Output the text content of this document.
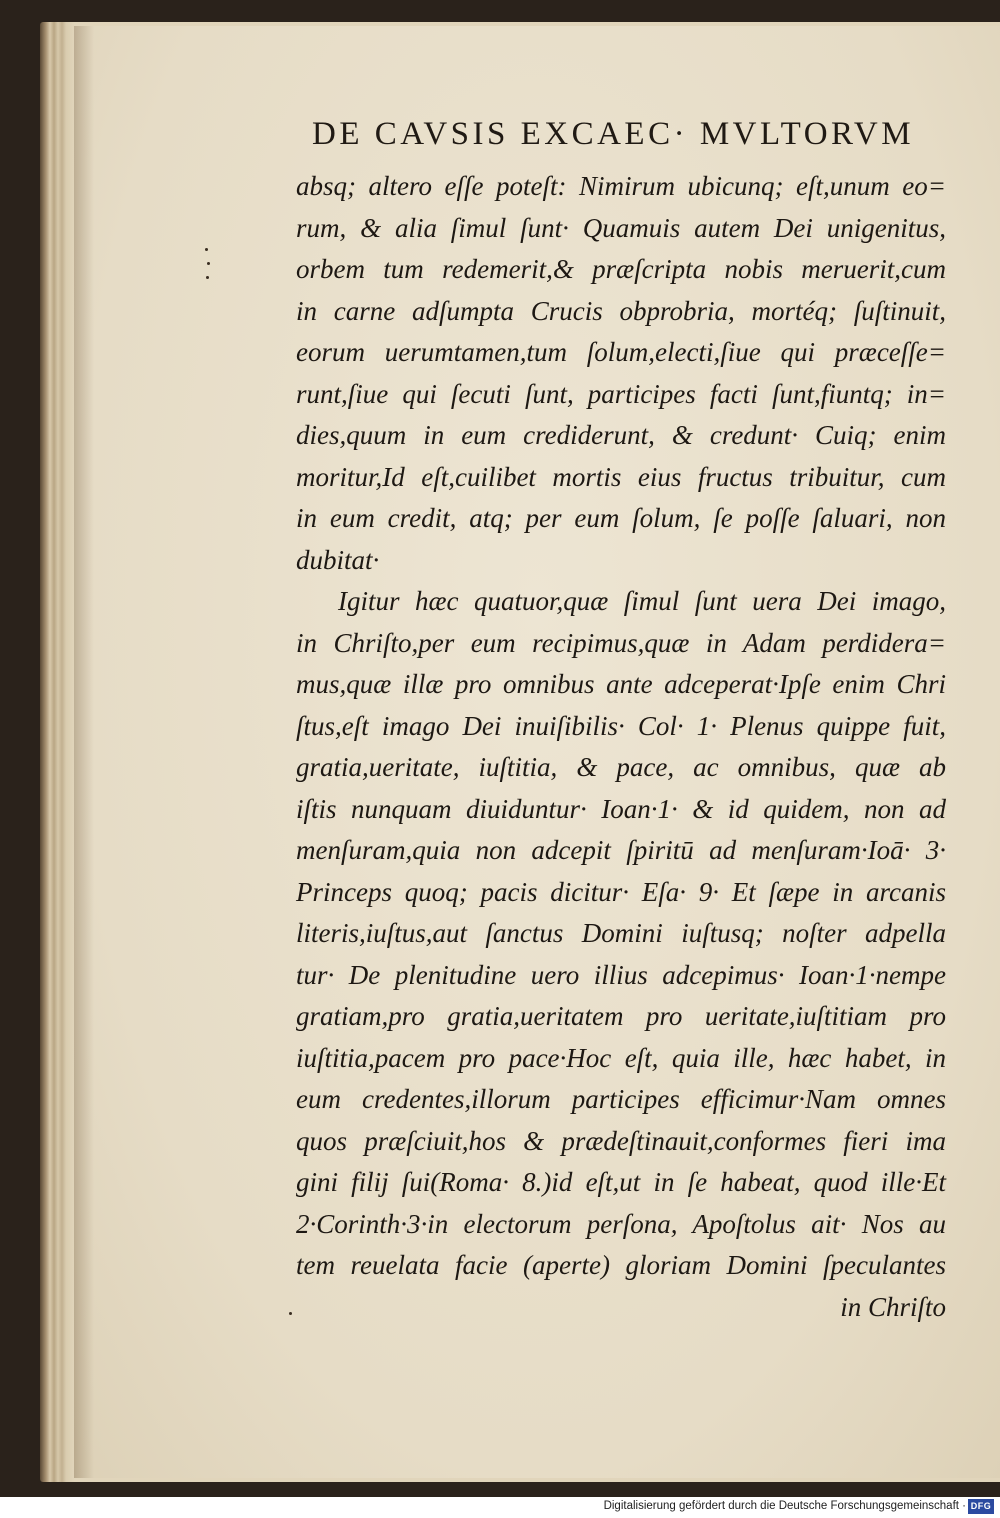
DE CAVSIS EXCAEC· MVLTORVM
absq; altero eſſe poteſt: Nimirum ubicunq; eſt,unum eo=
rum, & alia ſimul ſunt· Quamuis autem Dei unigenitus,
orbem tum redemerit,& præſcripta nobis meruerit,cum
in carne adſumpta Crucis obprobria, mortéq; ſuſtinuit,
eorum uerumtamen,tum ſolum,electi,ſiue qui præceſſe=
runt,ſiue qui ſecuti ſunt, participes facti ſunt,fiuntq; in=
dies,quum in eum crediderunt, & credunt· Cuiq; enim
moritur,Id eſt,cuilibet mortis eius fructus tribuitur, cum
in eum credit, atq; per eum ſolum, ſe poſſe ſaluari, non
dubitat·
Igitur hæc quatuor,quæ ſimul ſunt uera Dei imago,
in Chriſto,per eum recipimus,quæ in Adam perdidera=
mus,quæ illæ pro omnibus ante adceperat·Ipſe enim Chri
ſtus,eſt imago Dei inuiſibilis· Col· 1· Plenus quippe fuit,
gratia,ueritate, iuſtitia, & pace, ac omnibus, quæ ab
iſtis nunquam diuiduntur· Ioan·1· & id quidem, non ad
menſuram,quia non adcepit ſpiritū ad menſuram·Ioā· 3·
Princeps quoq; pacis dicitur· Eſa· 9· Et ſæpe in arcanis
literis,iuſtus,aut ſanctus Domini iuſtusq; noſter adpella
tur· De plenitudine uero illius adcepimus· Ioan·1·nempe
gratiam,pro gratia,ueritatem pro ueritate,iuſtitiam pro
iuſtitia,pacem pro pace·Hoc eſt, quia ille, hæc habet, in
eum credentes,illorum participes efficimur·Nam omnes
quos præſciuit,hos & prædeſtinauit,conformes fieri ima
gini filij ſui(Roma· 8.)id eſt,ut in ſe habeat, quod ille·Et
2·Corinth·3·in electorum perſona, Apoſtolus ait· Nos au
tem reuelata facie (aperte) gloriam Domini ſpeculantes
in Chriſto
Digitalisierung gefördert durch die Deutsche Forschungsgemeinschaft · DFG
